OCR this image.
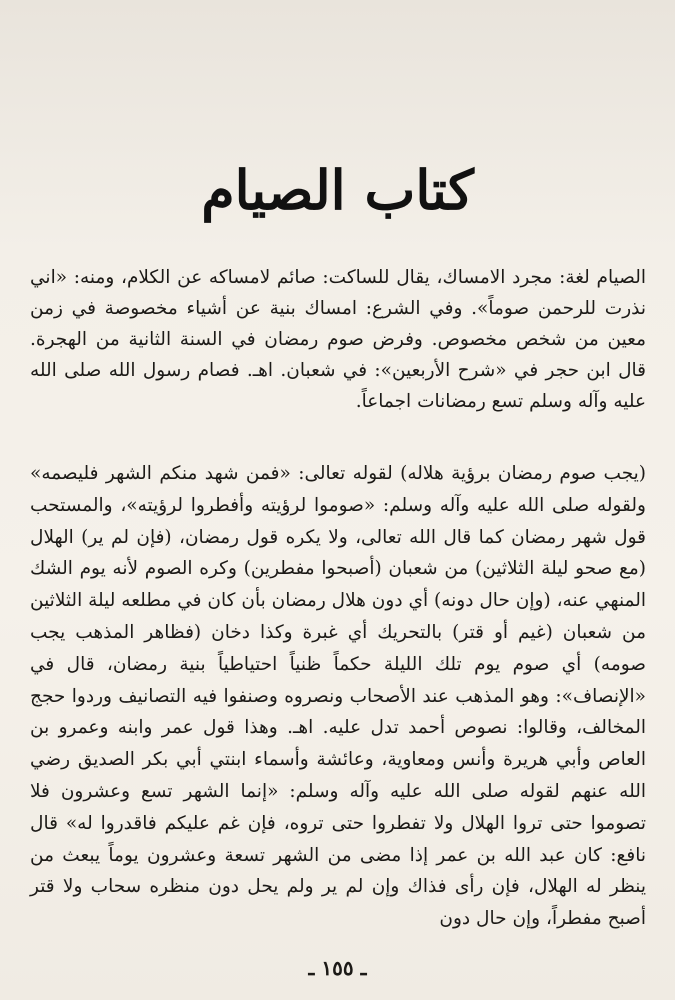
كتاب الصيام

الصيام لغة: مجرد الامساك، يقال للساكت: صائم لامساكه عن الكلام، ومنه: «اني نذرت للرحمن صوماً». وفي الشرع: امساك بنية عن أشياء مخصوصة في زمن معين من شخص مخصوص. وفرض صوم رمضان في السنة الثانية من الهجرة. قال ابن حجر في «شرح الأربعين»: في شعبان. اهـ. فصام رسول الله صلى الله عليه وآله وسلم تسع رمضانات اجماعاً.

(يجب صوم رمضان برؤية هلاله) لقوله تعالى: «فمن شهد منكم الشهر فليصمه» ولقوله صلى الله عليه وآله وسلم: «صوموا لرؤيته وأفطروا لرؤيته»، والمستحب قول شهر رمضان كما قال الله تعالى، ولا يكره قول رمضان، (فإن لم ير) الهلال (مع صحو ليلة الثلاثين) من شعبان (أصبحوا مفطرين) وكره الصوم لأنه يوم الشك المنهي عنه، (وإن حال دونه) أي دون هلال رمضان بأن كان في مطلعه ليلة الثلاثين من شعبان (غيم أو قتر) بالتحريك أي غبرة وكذا دخان (فظاهر المذهب يجب صومه) أي صوم يوم تلك الليلة حكماً ظنياً احتياطياً بنية رمضان، قال في «الإنصاف»: وهو المذهب عند الأصحاب ونصروه وصنفوا فيه التصانيف وردوا حجج المخالف، وقالوا: نصوص أحمد تدل عليه. اهـ. وهذا قول عمر وابنه وعمرو بن العاص وأبي هريرة وأنس ومعاوية، وعائشة وأسماء ابنتي أبي بكر الصديق رضي الله عنهم لقوله صلى الله عليه وآله وسلم: «إنما الشهر تسع وعشرون فلا تصوموا حتى تروا الهلال ولا تفطروا حتى تروه، فإن غم عليكم فاقدروا له» قال نافع: كان عبد الله بن عمر إذا مضى من الشهر تسعة وعشرون يوماً يبعث من ينظر له الهلال، فإن رأى فذاك وإن لم ير ولم يحل دون منظره سحاب ولا قتر أصبح مفطراً، وإن حال دون

ـ ١٥٥ ـ
